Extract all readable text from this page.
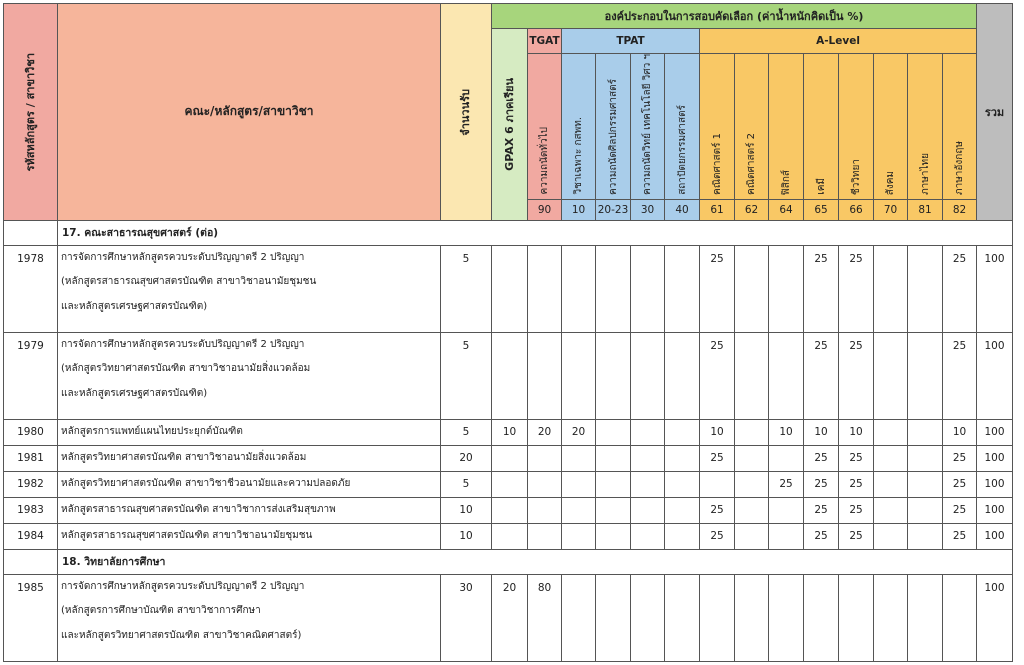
รหัสหลักสูตร / สาขาวิชา	คณะ/หลักสูตร/สาขาวิชา	จำนวนรับ	องค์ประกอบในการสอบคัดเลือก (ค่าน้ำหนักคิดเป็น %)														รวม

			GPAX 6 ภาคเรียน	TGAT	TPAT				A-Level								

				ความถนัดทั่วไป	วิชาเฉพาะ กสพท.	ความถนัดศิลปกรรมศาสตร์	ความถนัดวิทย์ เทคโนโลยี วิศว ฯ	สถาปัตยกรรมศาสตร์	คณิตศาสตร์ 1	คณิตศาสตร์ 2	ฟิสิกส์	เคมี	ชีววิทยา	สังคม	ภาษาไทย	ภาษาอังกฤษ	

				90	10	20-23	30	40	61	62	64	65	66	70	81	82	
	17. คณะสาธารณสุขศาสตร์ (ต่อ)																
1978	การจัดการศึกษาหลักสูตรควบระดับปริญญาตรี 2 ปริญญา
(หลักสูตรสาธารณสุขศาสตรบัณฑิต สาขาวิชาอนามัยชุมชน
และหลักสูตรเศรษฐศาสตรบัณฑิต)	5							25			25	25			25	100
1979	การจัดการศึกษาหลักสูตรควบระดับปริญญาตรี 2 ปริญญา
(หลักสูตรวิทยาศาสตรบัณฑิต สาขาวิชาอนามัยสิ่งแวดล้อม
และหลักสูตรเศรษฐศาสตรบัณฑิต)	5							25			25	25			25	100
1980	หลักสูตรการแพทย์แผนไทยประยุกต์บัณฑิต	5	10	20	20				10		10	10	10			10	100
1981	หลักสูตรวิทยาศาสตรบัณฑิต สาขาวิชาอนามัยสิ่งแวดล้อม	20							25			25	25			25	100
1982	หลักสูตรวิทยาศาสตรบัณฑิต สาขาวิชาชีวอนามัยและความปลอดภัย	5									25	25	25			25	100
1983	หลักสูตรสาธารณสุขศาสตรบัณฑิต สาขาวิชาการส่งเสริมสุขภาพ	10							25			25	25			25	100
1984	หลักสูตรสาธารณสุขศาสตรบัณฑิต สาขาวิชาอนามัยชุมชน	10							25			25	25			25	100
	18. วิทยาลัยการศึกษา																
1985	การจัดการศึกษาหลักสูตรควบระดับปริญญาตรี 2 ปริญญา
(หลักสูตรการศึกษาบัณฑิต สาขาวิชาการศึกษา
และหลักสูตรวิทยาศาสตรบัณฑิต สาขาวิชาคณิตศาสตร์)	30	20	80													100
